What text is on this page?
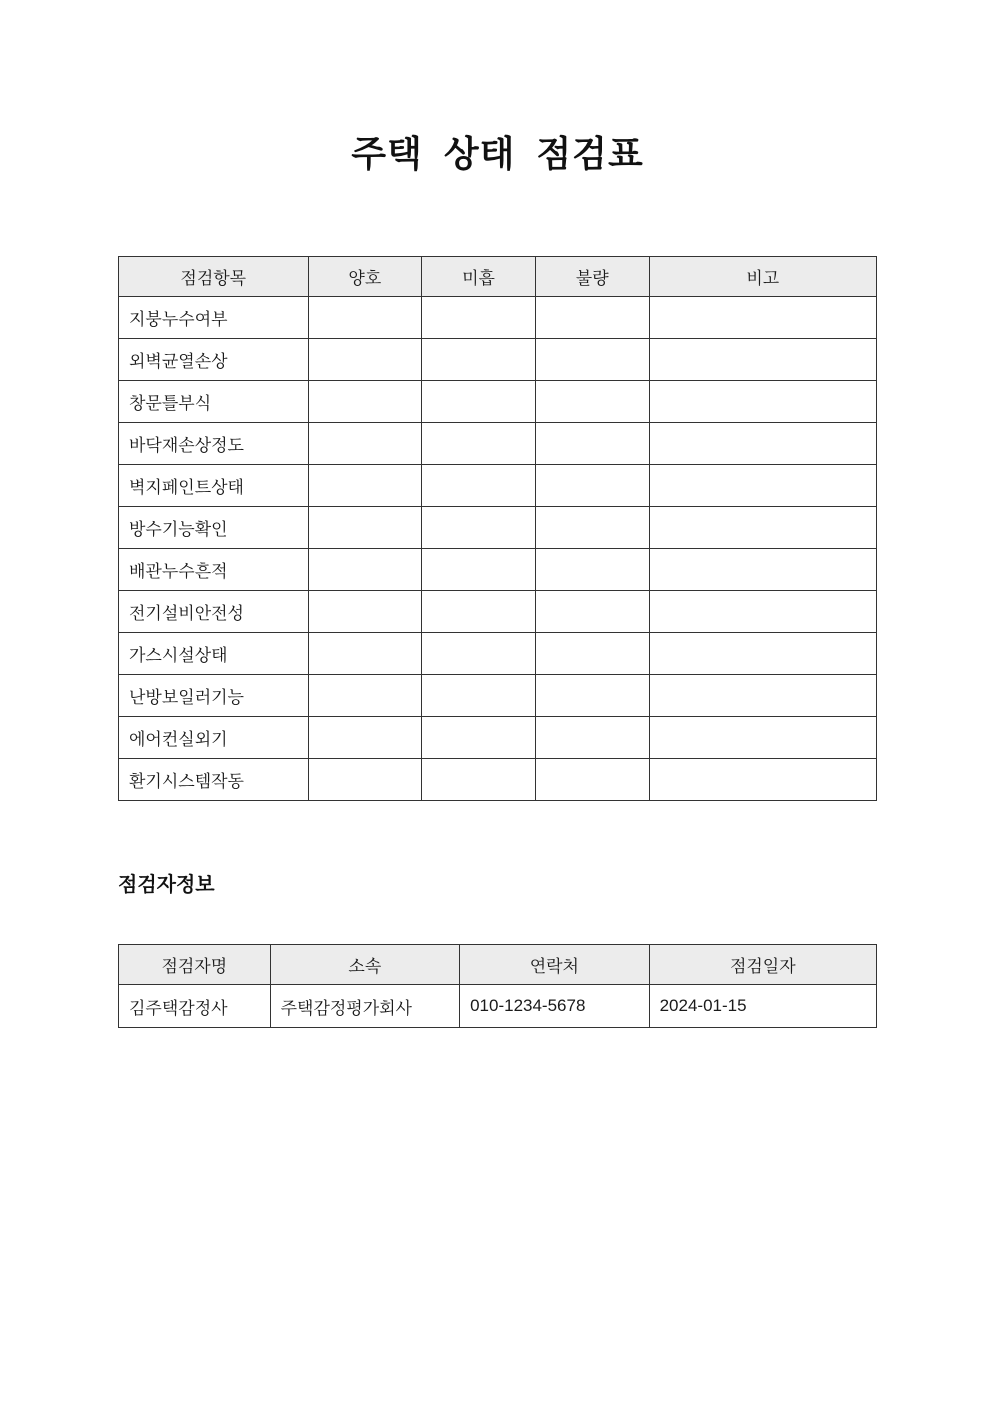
주택 상태 점검표
점검항목	양호	미흡	불량	비고
지붕누수여부				
외벽균열손상				
창문틀부식				
바닥재손상정도				
벽지페인트상태				
방수기능확인				
배관누수흔적				
전기설비안전성				
가스시설상태				
난방보일러기능				
에어컨실외기				
환기시스템작동				
점검자정보
점검자명	소속	연락처	점검일자
김주택감정사	주택감정평가회사	010-1234-5678	2024-01-15
